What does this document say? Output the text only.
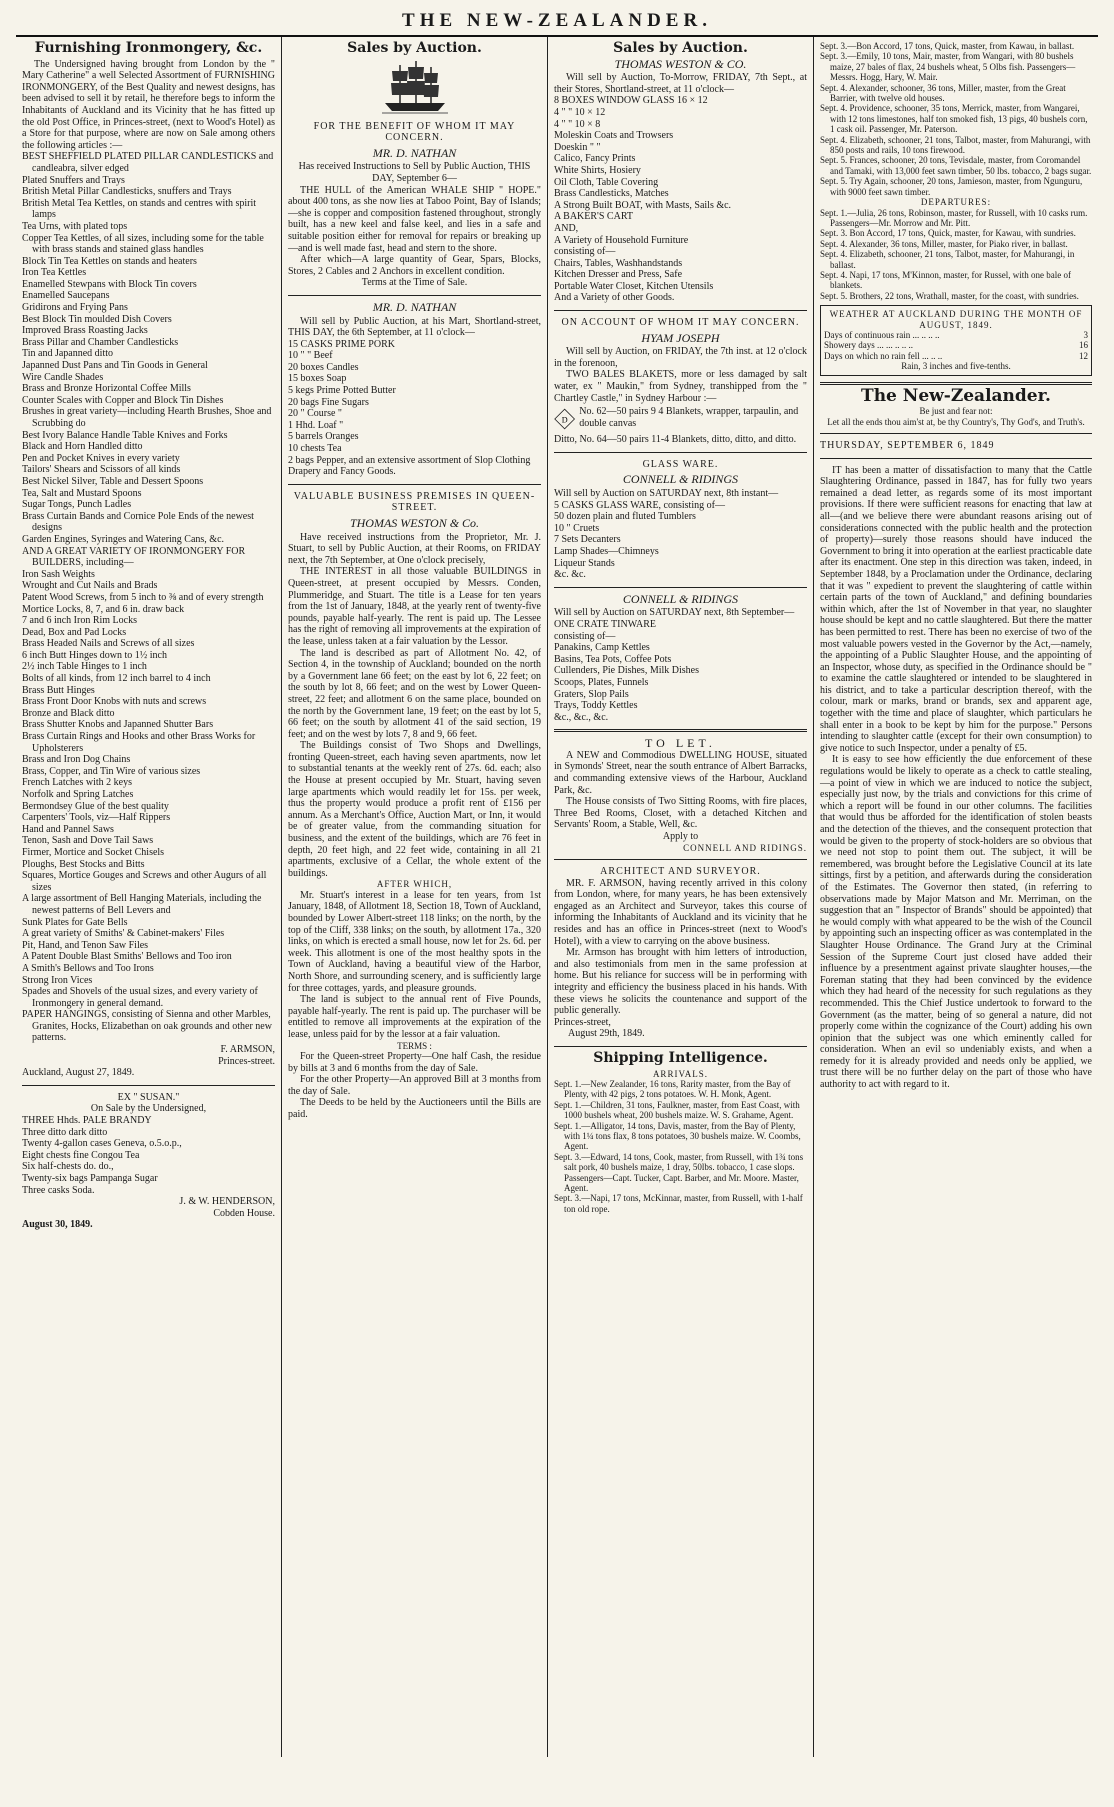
THE NEW-ZEALANDER.
Furnishing Ironmongery, &c.

The Undersigned having brought from London by the " Mary Catherine" a well Selected Assortment of FURNISHING IRONMONGERY, of the Best Quality and newest designs, has been advised to sell it by retail, he therefore begs to inform the Inhabitants of Auckland and its Vicinity that he has fitted up the old Post Office, in Princes-street, (next to Wood's Hotel) as a Store for that purpose, where are now on Sale among others the following articles :—

BEST SHEFFIELD PLATED PILLAR CANDLESTICKS and candleabra, silver edged
Plated Snuffers and Trays
British Metal Pillar Candlesticks, snuffers and Trays
British Metal Tea Kettles, on stands and centres with spirit lamps
Tea Urns, with plated tops
Copper Tea Kettles, of all sizes, including some for the table with brass stands and stained glass handles
Block Tin Tea Kettles on stands and heaters
Iron Tea Kettles
Enamelled Stewpans with Block Tin covers
Enamelled Saucepans
Gridirons and Frying Pans
Best Block Tin moulded Dish Covers
Improved Brass Roasting Jacks
Brass Pillar and Chamber Candlesticks
Tin and Japanned ditto
Japanned Dust Pans and Tin Goods in General
Wire Candle Shades
Brass and Bronze Horizontal Coffee Mills
Counter Scales with Copper and Block Tin Dishes
Brushes in great variety—including Hearth Brushes, Shoe and Scrubbing do
Best Ivory Balance Handle Table Knives and Forks
Black and Horn Handled ditto
Pen and Pocket Knives in every variety
Tailors' Shears and Scissors of all kinds
Best Nickel Silver, Table and Dessert Spoons
Tea, Salt and Mustard Spoons
Sugar Tongs, Punch Ladles
Brass Curtain Bands and Cornice Pole Ends of the newest designs
Garden Engines, Syringes and Watering Cans, &c.
AND A GREAT VARIETY OF IRONMONGERY FOR BUILDERS, including—
Iron Sash Weights
Wrought and Cut Nails and Brads
Patent Wood Screws, from 5 inch to ⅜ and of every strength
Mortice Locks, 8, 7, and 6 in. draw back
7 and 6 inch Iron Rim Locks
Dead, Box and Pad Locks
Brass Headed Nails and Screws of all sizes
6 inch Butt Hinges down to 1½ inch
2½ inch Table Hinges to 1 inch
Bolts of all kinds, from 12 inch barrel to 4 inch
Brass Butt Hinges
Brass Front Door Knobs with nuts and screws
Bronze and Black ditto
Brass Shutter Knobs and Japanned Shutter Bars
Brass Curtain Rings and Hooks and other Brass Works for Upholsterers
Brass and Iron Dog Chains
Brass, Copper, and Tin Wire of various sizes
French Latches with 2 keys
Norfolk and Spring Latches
Bermondsey Glue of the best quality
Carpenters' Tools, viz—Half Rippers
Hand and Pannel Saws
Tenon, Sash and Dove Tail Saws
Firmer, Mortice and Socket Chisels
Ploughs, Best Stocks and Bitts
Squares, Mortice Gouges and Screws and other Augurs of all sizes
A large assortment of Bell Hanging Materials, including the newest patterns of Bell Levers and
Sunk Plates for Gate Bells
A great variety of Smiths' & Cabinet-makers' Files
Pit, Hand, and Tenon Saw Files
A Patent Double Blast Smiths' Bellows and Too iron
A Smith's Bellows and Too Irons
Strong Iron Vices
Spades and Shovels of the usual sizes, and every variety of Ironmongery in general demand.
PAPER HANGINGS, consisting of Sienna and other Marbles, Granites, Hocks, Elizabethan on oak grounds and other new patterns.
F. ARMSON,
Princes-street.
Auckland, August 27, 1849.
EX " SUSAN."
On Sale by the Undersigned,
THREE Hhds. PALE BRANDY
Three ditto dark ditto
Twenty 4-gallon cases Geneva, o.5.o.p.,
Eight chests fine Congou Tea
Six half-chests do. do.,
Twenty-six bags Pampanga Sugar
Three casks Soda.
J. & W. HENDERSON,
Cobden House.
August 30, 1849.
Sales by Auction.
FOR THE BENEFIT OF WHOM IT MAY CONCERN.
MR. D. NATHAN
Has received Instructions to Sell by Public Auction, THIS DAY, September 6—

THE HULL of the American WHALE SHIP " HOPE." about 400 tons, as she now lies at Taboo Point, Bay of Islands;—she is copper and composition fastened throughout, strongly built, has a new keel and false keel, and lies in a safe and suitable position either for removal for repairs or breaking up—and is well made fast, head and stern to the shore.

After which—A large quantity of Gear, Spars, Blocks, Stores, 2 Cables and 2 Anchors in excellent condition.

Terms at the Time of Sale.
MR. D. NATHAN

Will sell by Public Auction, at his Mart, Shortland-street, THIS DAY, the 6th September, at 11 o'clock—

15 CASKS PRIME PORK
10 " " Beef
20 boxes Candles
15 boxes Soap
5 kegs Prime Potted Butter
20 bags Fine Sugars
20 " Course "
1 Hhd. Loaf "
5 barrels Oranges
10 chests Tea
2 bags Pepper, and an extensive assortment of Slop Clothing
Drapery and Fancy Goods.
VALUABLE BUSINESS PREMISES IN QUEEN-STREET.
THOMAS WESTON & Co.

Have received instructions from the Proprietor, Mr. J. Stuart, to sell by Public Auction, at their Rooms, on FRIDAY next, the 7th September, at One o'clock precisely,

THE INTEREST in all those valuable BUILDINGS in Queen-street, at present occupied by Messrs. Conden, Plummeridge, and Stuart. The title is a Lease for ten years from the 1st of January, 1848, at the yearly rent of twenty-five pounds, payable half-yearly. The rent is paid up. The Lessee has the right of removing all improvements at the expiration of the lease, unless taken at a fair valuation by the Lessor.

The land is described as part of Allotment No. 42, of Section 4, in the township of Auckland; bounded on the north by a Government lane 66 feet; on the east by lot 6, 22 feet; on the south by lot 8, 66 feet; and on the west by Lower Queen-street, 22 feet; and allotment 6 on the same place, bounded on the north by the Government lane, 19 feet; on the east by lot 5, 66 feet; on the south by allotment 41 of the said section, 19 feet; and on the west by lots 7, 8 and 9, 66 feet.

The Buildings consist of Two Shops and Dwellings, fronting Queen-street, each having seven apartments, now let to substantial tenants at the weekly rent of 27s. 6d. each; also the House at present occupied by Mr. Stuart, having seven large apartments which would readily let for 15s. per week, thus the property would produce a profit rent of £156 per annum. As a Merchant's Office, Auction Mart, or Inn, it would be of greater value, from the commanding situation for business, and the extent of the buildings, which are 76 feet in depth, 20 feet high, and 22 feet wide, containing in all 21 apartments, exclusive of a Cellar, the whole extent of the buildings.

AFTER WHICH,

Mr. Stuart's interest in a lease for ten years, from 1st January, 1848, of Allotment 18, Section 18, Town of Auckland, bounded by Lower Albert-street 118 links; on the north, by the top of the Cliff, 338 links; on the south, by allotment 17a., 320 links, on which is erected a small house, now let for 2s. 6d. per week. This allotment is one of the most healthy spots in the Town of Auckland, having a beautiful view of the Harbor, North Shore, and surrounding scenery, and is sufficiently large for three cottages, yards, and pleasure grounds.

The land is subject to the annual rent of Five Pounds, payable half-yearly. The rent is paid up. The purchaser will be entitled to remove all improvements at the expiration of the lease, unless paid for by the lessor at a fair valuation.

TERMS :

For the Queen-street Property—One half Cash, the residue by bills at 3 and 6 months from the day of Sale.

For the other Property—An approved Bill at 3 months from the day of Sale.

The Deeds to be held by the Auctioneers until the Bills are paid.

Sales by Auction.
THOMAS WESTON & CO.

Will sell by Auction, To-Morrow, FRIDAY, 7th Sept., at their Stores, Shortland-street, at 11 o'clock—

8 BOXES WINDOW GLASS 16 × 12
4 " " 10 × 12
4 " " 10 × 8
Moleskin Coats and Trowsers
Doeskin " "
Calico, Fancy Prints
White Shirts, Hosiery
Oil Cloth, Table Covering
Brass Candlesticks, Matches
A Strong Built BOAT, with Masts, Sails &c.
A BAKER'S CART
AND,
A Variety of Household Furniture
consisting of—
Chairs, Tables, Washhandstands
Kitchen Dresser and Press, Safe
Portable Water Closet, Kitchen Utensils
And a Variety of other Goods.
ON ACCOUNT OF WHOM IT MAY CONCERN.
HYAM JOSEPH

Will sell by Auction, on FRIDAY, the 7th inst. at 12 o'clock in the forenoon,

TWO BALES BLAKETS, more or less damaged by salt water, ex " Maukin," from Sydney, transhipped from the " Chartley Castle," in Sydney Harbour :—

D
No. 62—50 pairs 9 4 Blankets, wrapper, tarpaulin, and double canvas
Ditto, No. 64—50 pairs 11-4 Blankets, ditto, ditto, and ditto.
GLASS WARE.
CONNELL & RIDINGS
Will sell by Auction on SATURDAY next, 8th instant—
5 CASKS GLASS WARE, consisting of—
50 dozen plain and fluted Tumblers
10 " Cruets
7 Sets Decanters
Lamp Shades—Chimneys
Liqueur Stands
&c. &c.
CONNELL & RIDINGS
Will sell by Auction on SATURDAY next, 8th September—
ONE CRATE TINWARE
consisting of—
Panakins, Camp Kettles
Basins, Tea Pots, Coffee Pots
Cullenders, Pie Dishes, Milk Dishes
Scoops, Plates, Funnels
Graters, Slop Pails
Trays, Toddy Kettles
&c., &c., &c.
TO LET.

A NEW and Commodious DWELLING HOUSE, situated in Symonds' Street, near the south entrance of Albert Barracks, and commanding extensive views of the Harbour, Auckland Park, &c.

The House consists of Two Sitting Rooms, with fire places, Three Bed Rooms, Closet, with a detached Kitchen and Servants' Room, a Stable, Well, &c.

Apply to
CONNELL AND RIDINGS.
ARCHITECT AND SURVEYOR.

MR. F. ARMSON, having recently arrived in this colony from London, where, for many years, he has been extensively engaged as an Architect and Surveyor, takes this course of informing the Inhabitants of Auckland and its vicinity that he resides and has an office in Princes-street (next to Wood's Hotel), with a view to carrying on the above business.

Mr. Armson has brought with him letters of introduction, and also testimonials from men in the same profession at home. But his reliance for success will be in performing with integrity and efficiency the business placed in his hands. With these views he solicits the countenance and support of the public generally.

Princes-street,
August 29th, 1849.
Shipping Intelligence.
ARRIVALS.
Sept. 1.—New Zealander, 16 tons, Rarity master, from the Bay of Plenty, with 42 pigs, 2 tons potatoes. W. H. Monk, Agent.
Sept. 1.—Children, 31 tons, Faulkner, master, from East Coast, with 1000 bushels wheat, 200 bushels maize. W. S. Grahame, Agent.
Sept. 1.—Alligator, 14 tons, Davis, master, from the Bay of Plenty, with 1¼ tons flax, 8 tons potatoes, 30 bushels maize. W. Coombs, Agent.
Sept. 3.—Edward, 14 tons, Cook, master, from Russell, with 1¾ tons salt pork, 40 bushels maize, 1 dray, 50lbs. tobacco, 1 case slops. Passengers—Capt. Tucker, Capt. Barber, and Mr. Moore. Master, Agent.
Sept. 3.—Napi, 17 tons, McKinnar, master, from Russell, with 1-half ton old rope.
Sept. 3.—Bon Accord, 17 tons, Quick, master, from Kawau, in ballast.
Sept. 3.—Emily, 10 tons, Mair, master, from Wangari, with 80 bushels maize, 27 bales of flax, 24 bushels wheat, 5 Olbs fish. Passengers—Messrs. Hogg, Hary, W. Mair.
Sept. 4. Alexander, schooner, 36 tons, Miller, master, from the Great Barrier, with twelve old houses.
Sept. 4. Providence, schooner, 35 tons, Merrick, master, from Wangarei, with 12 tons limestones, half ton smoked fish, 13 pigs, 40 bushels corn, 1 cask oil. Passenger, Mr. Paterson.
Sept. 4. Elizabeth, schooner, 21 tons, Talbot, master, from Mahurangi, with 850 posts and rails, 10 tons firewood.
Sept. 5. Frances, schooner, 20 tons, Tevisdale, master, from Coromandel and Tamaki, with 13,000 feet sawn timber, 50 lbs. tobacco, 2 bags sugar.
Sept. 5. Try Again, schooner, 20 tons, Jamieson, master, from Ngunguru, with 9000 feet sawn timber.
DEPARTURES:
Sept. 1.—Julia, 26 tons, Robinson, master, for Russell, with 10 casks rum. Passengers—Mr. Morrow and Mr. Pitt.
Sept. 3. Bon Accord, 17 tons, Quick, master, for Kawau, with sundries.
Sept. 4. Alexander, 36 tons, Miller, master, for Piako river, in ballast.
Sept. 4. Elizabeth, schooner, 21 tons, Talbot, master, for Mahurangi, in ballast.
Sept. 4. Napi, 17 tons, M'Kinnon, master, for Russel, with one bale of blankets.
Sept. 5. Brothers, 22 tons, Wrathall, master, for the coast, with sundries.
WEATHER AT AUCKLAND DURING THE MONTH OF AUGUST, 1849.
Days of continuous rain ... .. .. ..	3
Showery days ... ... .. .. ..	16
Days on which no rain fell ... .. ..	12
Rain, 3 inches and five-tenths.
The New-Zealander.
Be just and fear not:
Let all the ends thou aim'st at, be thy Country's, Thy God's, and Truth's.
THURSDAY, SEPTEMBER 6, 1849

IT has been a matter of dissatisfaction to many that the Cattle Slaughtering Ordinance, passed in 1847, has for fully two years remained a dead letter, as regards some of its most important provisions. If there were sufficient reasons for enacting that law at all—(and we believe there were abundant reasons arising out of considerations connected with the public health and the protection of property)—surely those reasons should have induced the Government to bring it into operation at the earliest practicable date after its enactment. One step in this direction was taken, indeed, in September 1848, by a Proclamation under the Ordinance, declaring that it was " expedient to prevent the slaughtering of cattle within certain parts of the town of Auckland," and defining boundaries within which, after the 1st of November in that year, no slaughter house should be kept and no cattle slaughtered. But there the matter has been permitted to rest. There has been no exercise of two of the most valuable powers vested in the Governor by the Act,—namely, the appointing of a Public Slaughter House, and the appointing of an Inspector, whose duty, as specified in the Ordinance should be " to examine the cattle slaughtered or intended to be slaughtered in his district, and to take a particular description thereof, with the colour, mark or marks, brand or brands, sex and apparent age, together with the time and place of slaughter, which particulars he shall enter in a book to be kept by him for the purpose." Persons intending to slaughter cattle (except for their own consumption) to give notice to such Inspector, under a penalty of £5.

It is easy to see how efficiently the due enforcement of these regulations would be likely to operate as a check to cattle stealing,—a point of view in which we are induced to notice the subject, especially just now, by the trials and convictions for this crime of which a report will be found in our other columns. The facilities that would thus be afforded for the identification of stolen beasts and the detection of the thieves, and the consequent protection that would be given to the property of stock-holders are so obvious that we need not stop to point them out. The subject, it will be remembered, was brought before the Legislative Council at its late sittings, first by a petition, and afterwards during the consideration of the Estimates. The Governor then stated, (in referring to observations made by Major Matson and Mr. Merriman, on the suggestion that an " Inspector of Brands" should be appointed) that he would comply with what appeared to be the wish of the Council by appointing such an inspecting officer as was contemplated in the Slaughter House Ordinance. The Grand Jury at the Criminal Session of the Supreme Court just closed have added their influence by a presentment against private slaughter houses,—the Foreman stating that they had been convinced by the evidence which they had heard of the necessity for such regulations as they recommended. This the Chief Justice undertook to forward to the Government (as the matter, being of so general a nature, did not properly come within the cognizance of the Court) adding his own opinion that the subject was one which eminently called for consideration. When an evil so undeniably exists, and when a remedy for it is already provided and needs only be applied, we trust there will be no further delay on the part of those who have authority to act with regard to it.
